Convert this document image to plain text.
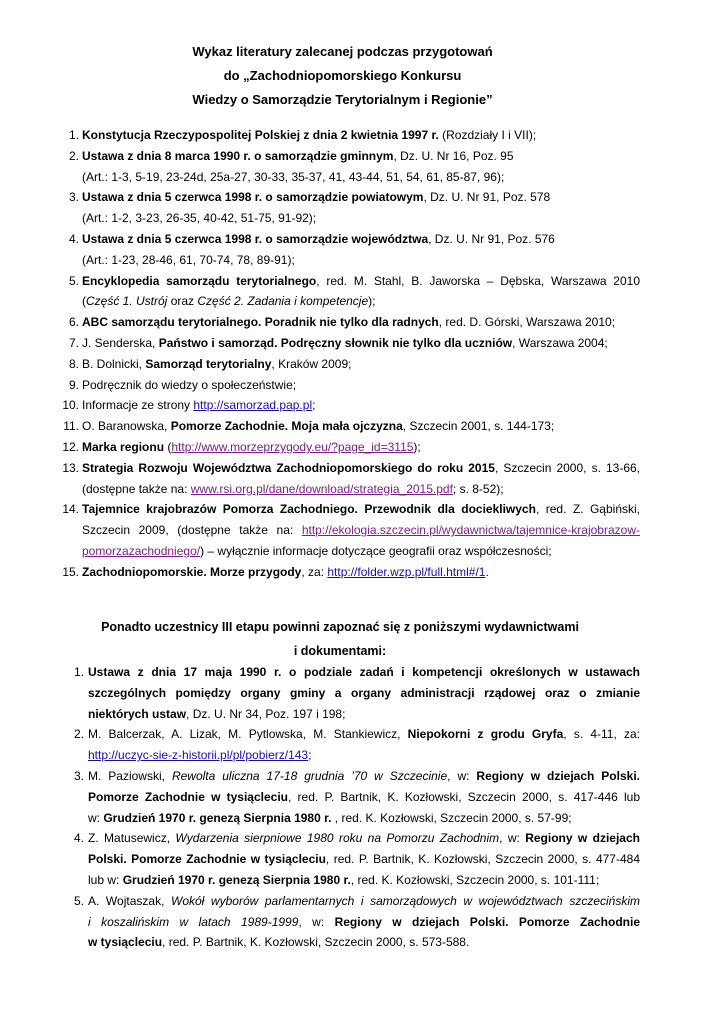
Wykaz literatury zalecanej podczas przygotowań
do „Zachodniopomorskiego Konkursu
Wiedzy o Samorządzie Terytorialnym i Regionie”
1. Konstytucja Rzeczypospolitej Polskiej z dnia 2 kwietnia 1997 r. (Rozdziały I i VII);
2. Ustawa z dnia 8 marca 1990 r. o samorządzie gminnym, Dz. U. Nr 16, Poz. 95
(Art.: 1-3, 5-19, 23-24d, 25a-27, 30-33, 35-37, 41, 43-44, 51, 54, 61, 85-87, 96);
3. Ustawa z dnia 5 czerwca 1998 r. o samorządzie powiatowym, Dz. U. Nr 91, Poz. 578
(Art.: 1-2, 3-23, 26-35, 40-42, 51-75, 91-92);
4. Ustawa z dnia 5 czerwca 1998 r. o samorządzie województwa, Dz. U. Nr 91, Poz. 576
(Art.: 1-23, 28-46, 61, 70-74, 78, 89-91);
5. Encyklopedia samorządu terytorialnego, red. M. Stahl, B. Jaworska – Dębska, Warszawa 2010
(Część 1. Ustrój oraz Część 2. Zadania i kompetencje);
6. ABC samorządu terytorialnego. Poradnik nie tylko dla radnych, red. D. Górski, Warszawa 2010;
7. J. Senderska, Państwo i samorząd. Podręczny słownik nie tylko dla uczniów, Warszawa 2004;
8. B. Dolnicki, Samorząd terytorialny, Kraków 2009;
9. Podręcznik do wiedzy o społeczeństwie;
10. Informacje ze strony http://samorzad.pap.pl;
11. O. Baranowska, Pomorze Zachodnie. Moja mała ojczyzna, Szczecin 2001, s. 144-173;
12. Marka regionu (http://www.morzeprzygody.eu/?page_id=3115);
13. Strategia Rozwoju Województwa Zachodniopomorskiego do roku 2015, Szczecin 2000, s. 13-66,
(dostępne także na: www.rsi.org.pl/dane/download/strategia_2015.pdf; s. 8-52);
14. Tajemnice krajobrazów Pomorza Zachodniego. Przewodnik dla dociekliwych, red. Z. Gąbiński,
Szczecin 2009, (dostępne także na: http://ekologia.szczecin.pl/wydawnictwa/tajemnice-krajobrazow-
pomorzazachodniego/) – wyłącznie informacje dotyczące geografii oraz współczesności;
15. Zachodniopomorskie. Morze przygody, za: http://folder.wzp.pl/full.html#/1.
Ponadto uczestnicy III etapu powinni zapoznać się z poniższymi wydawnictwami
i dokumentami:
1. Ustawa z dnia 17 maja 1990 r. o podziale zadań i kompetencji określonych w ustawach
szczególnych pomiędzy organy gminy a organy administracji rządowej oraz o zmianie
niektórych ustaw, Dz. U. Nr 34, Poz. 197 i 198;
2. M. Balcerzak, A. Lizak, M. Pytlowska, M. Stankiewicz, Niepokorni z grodu Gryfa, s. 4-11, za:
http://uczyc-sie-z-historii.pl/pl/pobierz/143;
3. M. Paziowski, Rewolta uliczna 17-18 grudnia ’70 w Szczecinie, w: Regiony w dziejach Polski.
Pomorze Zachodnie w tysiącleciu, red. P. Bartnik, K. Kozłowski, Szczecin 2000, s. 417-446 lub
w: Grudzień 1970 r. genezą Sierpnia 1980 r. , red. K. Kozłowski, Szczecin 2000, s. 57-99;
4. Z. Matusewicz, Wydarzenia sierpniowe 1980 roku na Pomorzu Zachodnim, w: Regiony w dziejach
Polski. Pomorze Zachodnie w tysiącleciu, red. P. Bartnik, K. Kozłowski, Szczecin 2000, s. 477-484
lub w: Grudzień 1970 r. genezą Sierpnia 1980 r., red. K. Kozłowski, Szczecin 2000, s. 101-111;
5. A. Wojtaszak, Wokół wyborów parlamentarnych i samorządowych w województwach szczecińskim
i koszalińskim w latach 1989-1999, w: Regiony w dziejach Polski. Pomorze Zachodnie
w tysiącleciu, red. P. Bartnik, K. Kozłowski, Szczecin 2000, s. 573-588.
